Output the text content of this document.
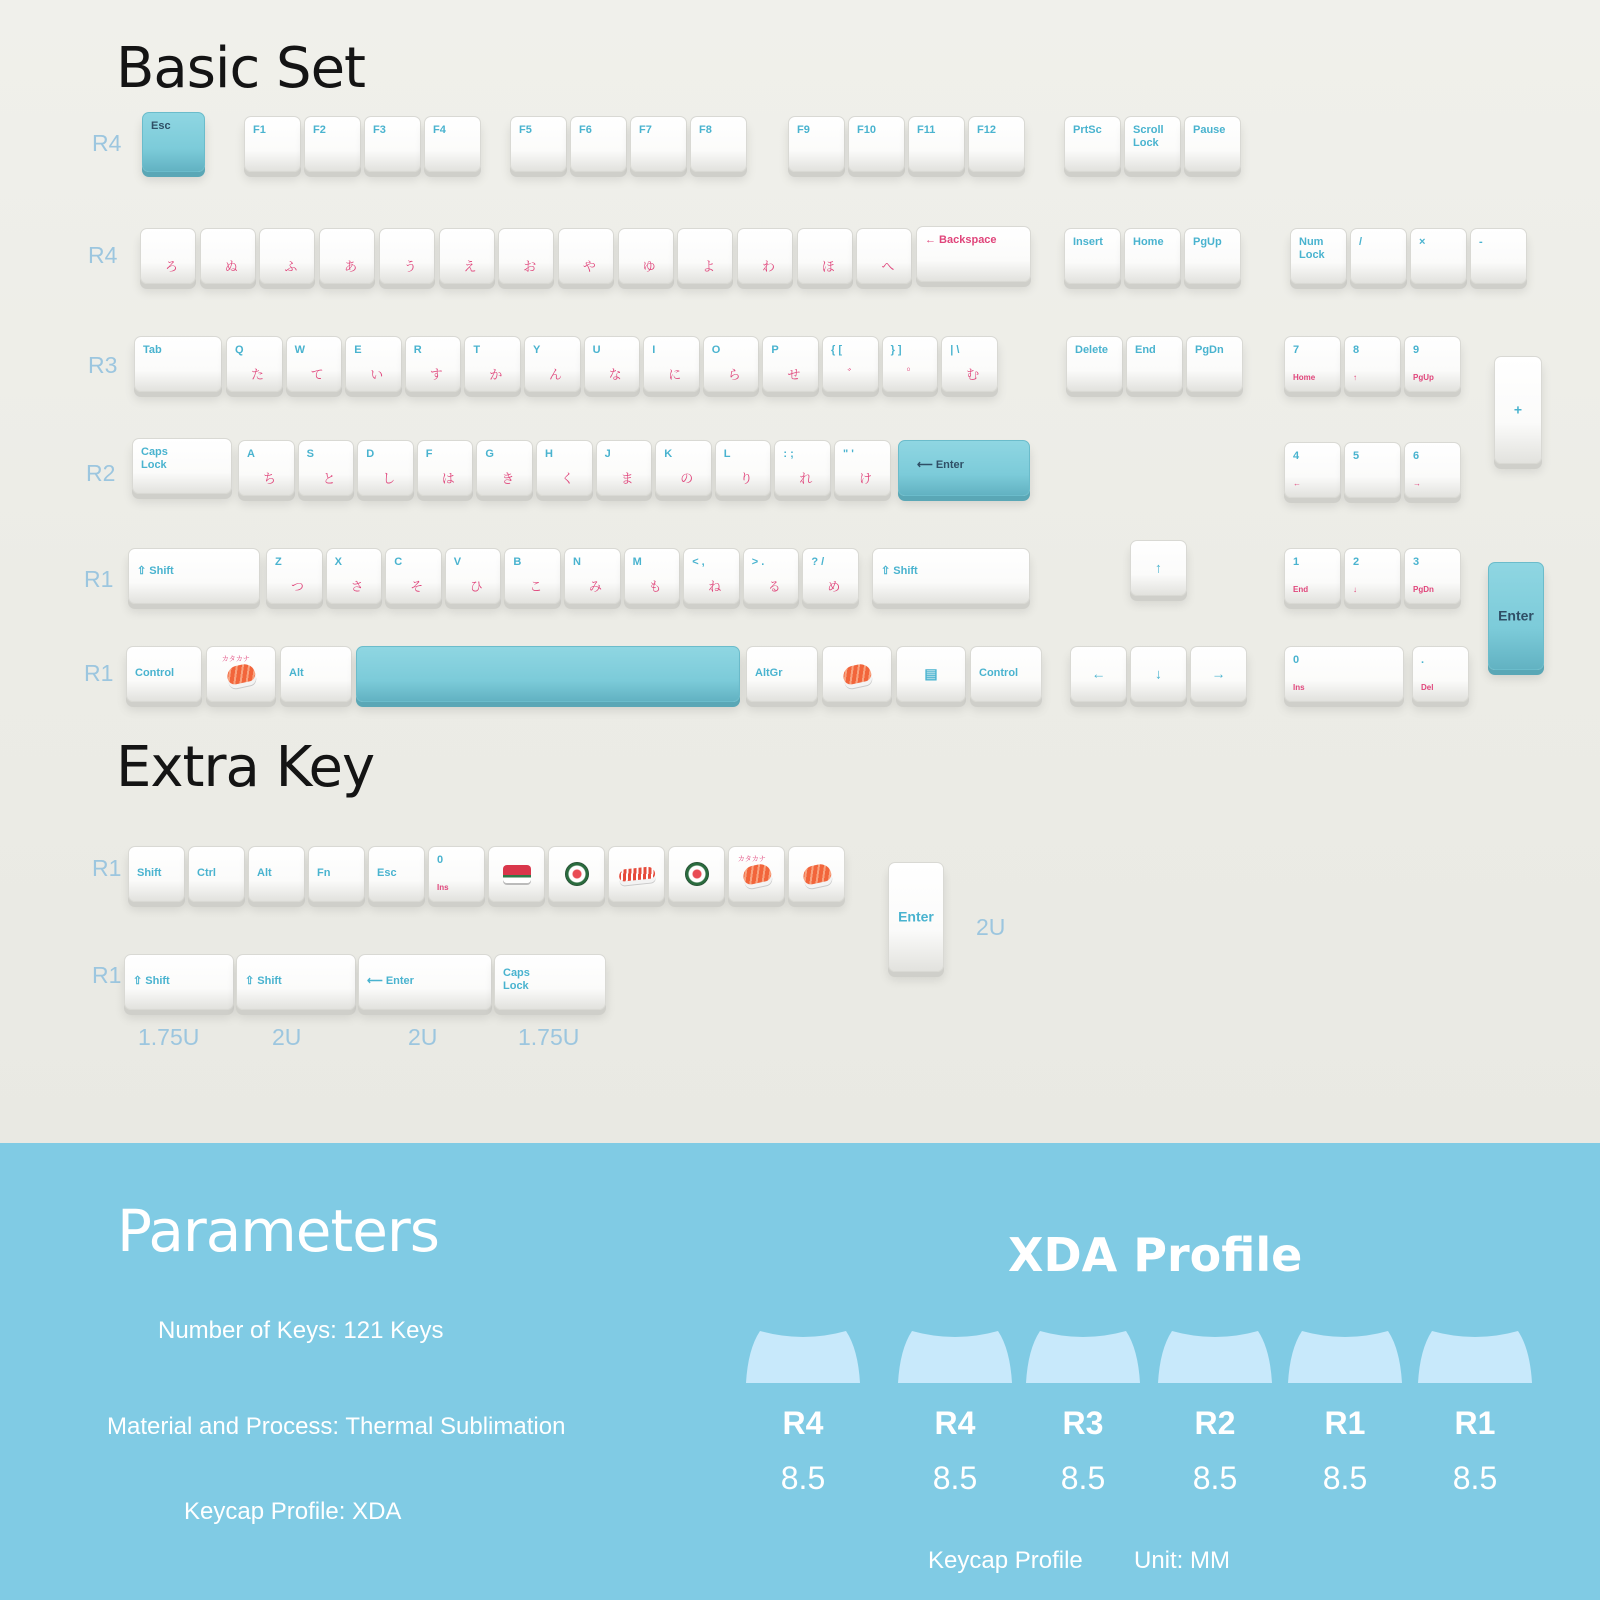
Basic Set
Extra Key
R4
R4
R3
R2
R1
R1
R1
R1
Esc	F1	F2	F3	F4	F5	F6	F7	F8	F9	F10	F11	F12	PrtSc	Scroll
Lock
Pause
ろ	ぬ	ふ	あ	う	え	お	や	ゆ	よ	わ	ほ	へ
← Backspace	Insert	Home	PgUp	Num
Lock
/	×	-
Tab	Q
た
W
て
E
い
R
す
T
か
Y
ん
U
な
I
に
O
ら
P
せ
{ [
゛
} ]
゜
| \
む
Delete	End	PgDn	7
Home
8
↑
9
PgUp
+
Caps
Lock
A
ち
S
と
D
し
F
は
G
き
H
く
J
ま
K
の
L
り
: ;
れ
" '
け
⟵ Enter
4
←
5	6
→
⇧ Shift
Z
つ
X
さ
C
そ
V
ひ
B
こ
N
み
M
も
< ,
ね
> .
る
? /
め
⇧ Shift	↑	1
End
2
↓
3
PgDn
Enter
Control
カタカナ
Alt	AltGr	▤	Control	←	↓	→
0
Ins
.
Del
Shift	Ctrl	Alt	Fn	Esc
0
Ins
カタカナ
Enter	2U
⇧ Shift	⇧ Shift	⟵ Enter
Caps
Lock
1.75U	2U	2U	1.75U
Parameters
Number of Keys: 121 Keys
Material and Process: Thermal Sublimation
Keycap Profile: XDA
XDA Profile
R4
8.5
R4
8.5
R3
8.5
R2
8.5
R1
8.5
R1
8.5
Keycap Profile Unit: MM
